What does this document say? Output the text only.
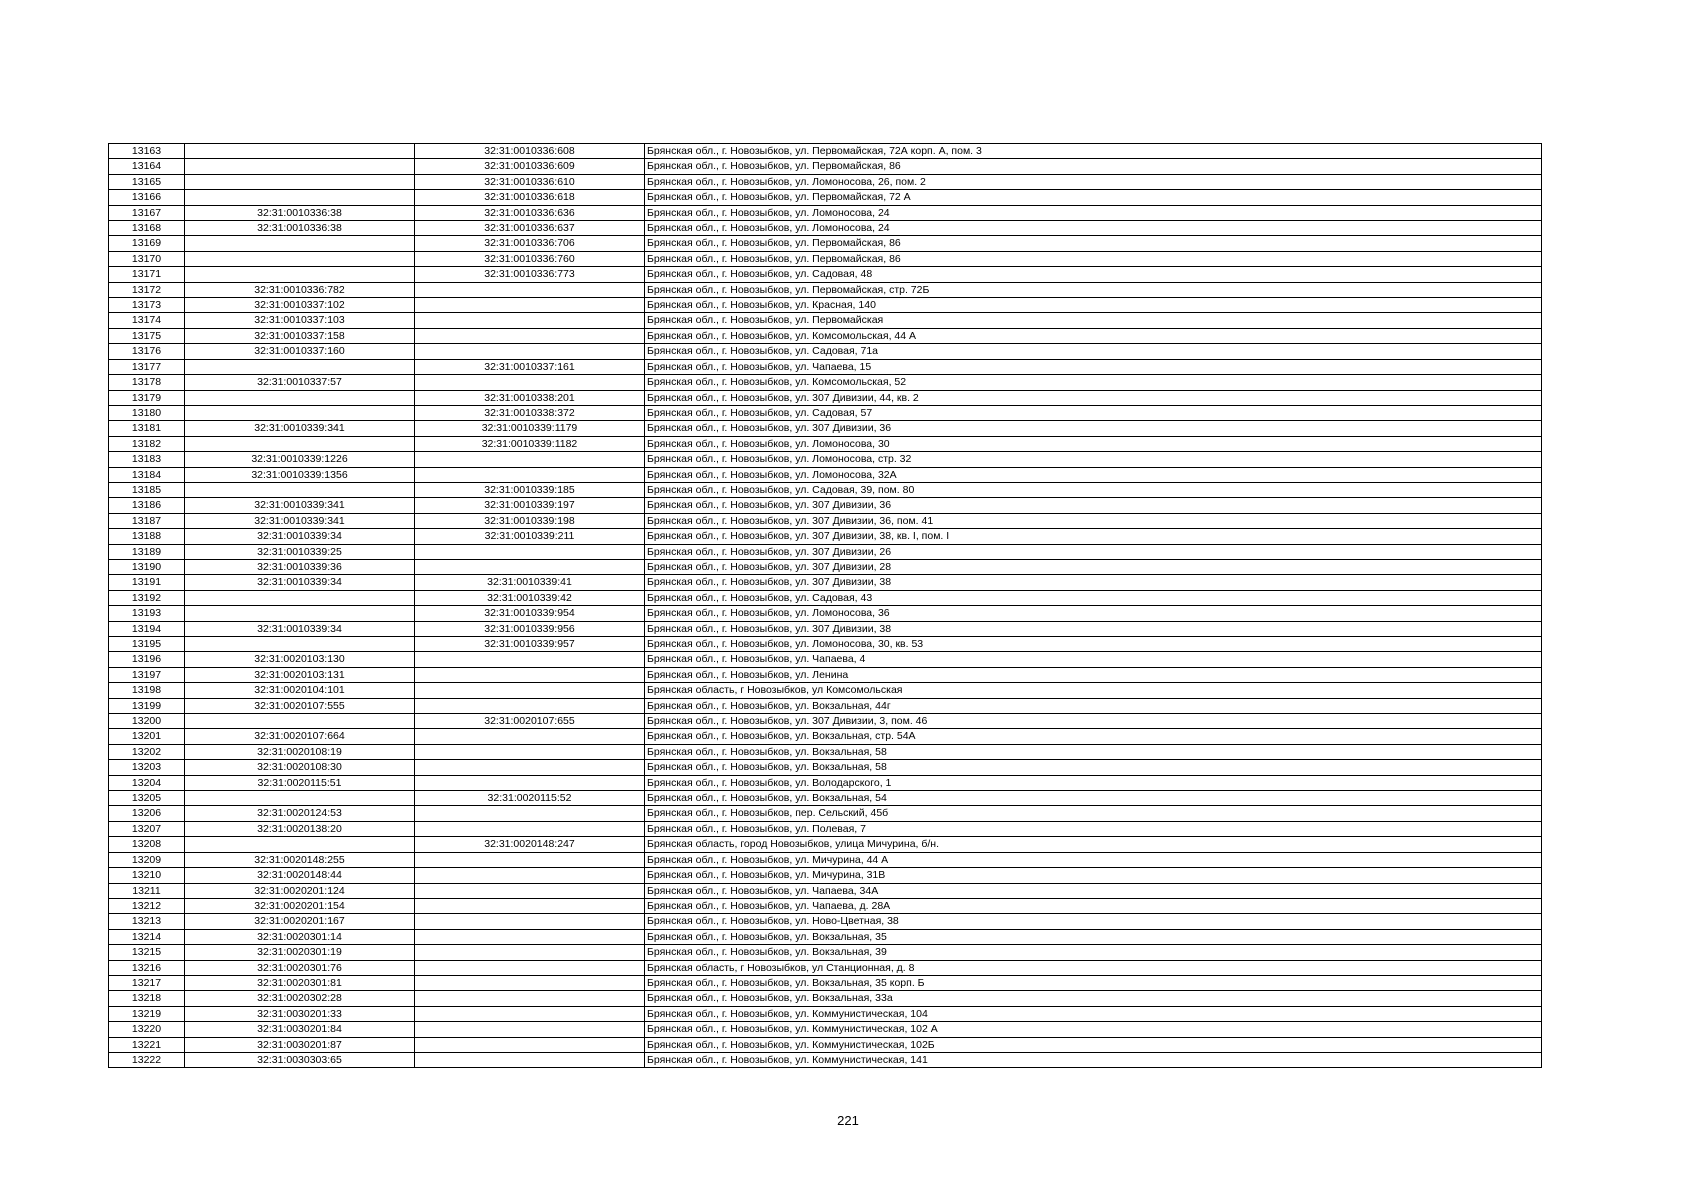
13163		32:31:0010336:608	Брянская обл., г. Новозыбков, ул. Первомайская, 72А корп. А, пом. 3
13164		32:31:0010336:609	Брянская обл., г. Новозыбков, ул. Первомайская, 86
13165		32:31:0010336:610	Брянская обл., г. Новозыбков, ул. Ломоносова, 26, пом. 2
13166		32:31:0010336:618	Брянская обл., г. Новозыбков, ул. Первомайская, 72 А
13167	32:31:0010336:38	32:31:0010336:636	Брянская обл., г. Новозыбков, ул. Ломоносова, 24
13168	32:31:0010336:38	32:31:0010336:637	Брянская обл., г. Новозыбков, ул. Ломоносова, 24
13169		32:31:0010336:706	Брянская обл., г. Новозыбков, ул. Первомайская, 86
13170		32:31:0010336:760	Брянская обл., г. Новозыбков, ул. Первомайская, 86
13171		32:31:0010336:773	Брянская обл., г. Новозыбков, ул. Садовая, 48
13172	32:31:0010336:782		Брянская обл., г. Новозыбков, ул. Первомайская, стр. 72Б
13173	32:31:0010337:102		Брянская обл., г. Новозыбков, ул. Красная, 140
13174	32:31:0010337:103		Брянская обл., г. Новозыбков, ул. Первомайская
13175	32:31:0010337:158		Брянская обл., г. Новозыбков, ул. Комсомольская, 44 А
13176	32:31:0010337:160		Брянская обл., г. Новозыбков, ул. Садовая, 71а
13177		32:31:0010337:161	Брянская обл., г. Новозыбков, ул. Чапаева, 15
13178	32:31:0010337:57		Брянская обл., г. Новозыбков, ул. Комсомольская, 52
13179		32:31:0010338:201	Брянская обл., г. Новозыбков, ул. 307 Дивизии, 44, кв. 2
13180		32:31:0010338:372	Брянская обл., г. Новозыбков, ул. Садовая, 57
13181	32:31:0010339:341	32:31:0010339:1179	Брянская обл., г. Новозыбков, ул. 307 Дивизии, 36
13182		32:31:0010339:1182	Брянская обл., г. Новозыбков, ул. Ломоносова, 30
13183	32:31:0010339:1226		Брянская обл., г. Новозыбков, ул. Ломоносова, стр. 32
13184	32:31:0010339:1356		Брянская обл., г. Новозыбков, ул. Ломоносова, 32А
13185		32:31:0010339:185	Брянская обл., г. Новозыбков, ул. Садовая, 39, пом. 80
13186	32:31:0010339:341	32:31:0010339:197	Брянская обл., г. Новозыбков, ул. 307 Дивизии, 36
13187	32:31:0010339:341	32:31:0010339:198	Брянская обл., г. Новозыбков, ул. 307 Дивизии, 36, пом. 41
13188	32:31:0010339:34	32:31:0010339:211	Брянская обл., г. Новозыбков, ул. 307 Дивизии, 38, кв. I, пом. I
13189	32:31:0010339:25		Брянская обл., г. Новозыбков, ул. 307 Дивизии, 26
13190	32:31:0010339:36		Брянская обл., г. Новозыбков, ул. 307 Дивизии, 28
13191	32:31:0010339:34	32:31:0010339:41	Брянская обл., г. Новозыбков, ул. 307 Дивизии, 38
13192		32:31:0010339:42	Брянская обл., г. Новозыбков, ул. Садовая, 43
13193		32:31:0010339:954	Брянская обл., г. Новозыбков, ул. Ломоносова, 36
13194	32:31:0010339:34	32:31:0010339:956	Брянская обл., г. Новозыбков, ул. 307 Дивизии, 38
13195		32:31:0010339:957	Брянская обл., г. Новозыбков, ул. Ломоносова, 30, кв. 53
13196	32:31:0020103:130		Брянская обл., г. Новозыбков, ул. Чапаева, 4
13197	32:31:0020103:131		Брянская обл., г. Новозыбков, ул. Ленина
13198	32:31:0020104:101		Брянская область, г Новозыбков, ул Комсомольская
13199	32:31:0020107:555		Брянская обл., г. Новозыбков, ул. Вокзальная, 44г
13200		32:31:0020107:655	Брянская обл., г. Новозыбков, ул. 307 Дивизии, 3, пом. 46
13201	32:31:0020107:664		Брянская обл., г. Новозыбков, ул. Вокзальная, стр. 54А
13202	32:31:0020108:19		Брянская обл., г. Новозыбков, ул. Вокзальная, 58
13203	32:31:0020108:30		Брянская обл., г. Новозыбков, ул. Вокзальная, 58
13204	32:31:0020115:51		Брянская обл., г. Новозыбков, ул. Володарского, 1
13205		32:31:0020115:52	Брянская обл., г. Новозыбков, ул. Вокзальная, 54
13206	32:31:0020124:53		Брянская обл., г. Новозыбков, пер. Сельский, 45б
13207	32:31:0020138:20		Брянская обл., г. Новозыбков, ул. Полевая, 7
13208		32:31:0020148:247	Брянская область, город Новозыбков, улица Мичурина, б/н.
13209	32:31:0020148:255		Брянская обл., г. Новозыбков, ул. Мичурина, 44 А
13210	32:31:0020148:44		Брянская обл., г. Новозыбков, ул. Мичурина, 31В
13211	32:31:0020201:124		Брянская обл., г. Новозыбков, ул. Чапаева, 34А
13212	32:31:0020201:154		Брянская обл., г. Новозыбков, ул. Чапаева, д. 28А
13213	32:31:0020201:167		Брянская обл., г. Новозыбков, ул. Ново-Цветная, 38
13214	32:31:0020301:14		Брянская обл., г. Новозыбков, ул. Вокзальная, 35
13215	32:31:0020301:19		Брянская обл., г. Новозыбков, ул. Вокзальная, 39
13216	32:31:0020301:76		Брянская область, г Новозыбков, ул Станционная, д. 8
13217	32:31:0020301:81		Брянская обл., г. Новозыбков, ул. Вокзальная, 35 корп. Б
13218	32:31:0020302:28		Брянская обл., г. Новозыбков, ул. Вокзальная, 33а
13219	32:31:0030201:33		Брянская обл., г. Новозыбков, ул. Коммунистическая, 104
13220	32:31:0030201:84		Брянская обл., г. Новозыбков, ул. Коммунистическая, 102 А
13221	32:31:0030201:87		Брянская обл., г. Новозыбков, ул. Коммунистическая, 102Б
13222	32:31:0030303:65		Брянская обл., г. Новозыбков, ул. Коммунистическая, 141
221
